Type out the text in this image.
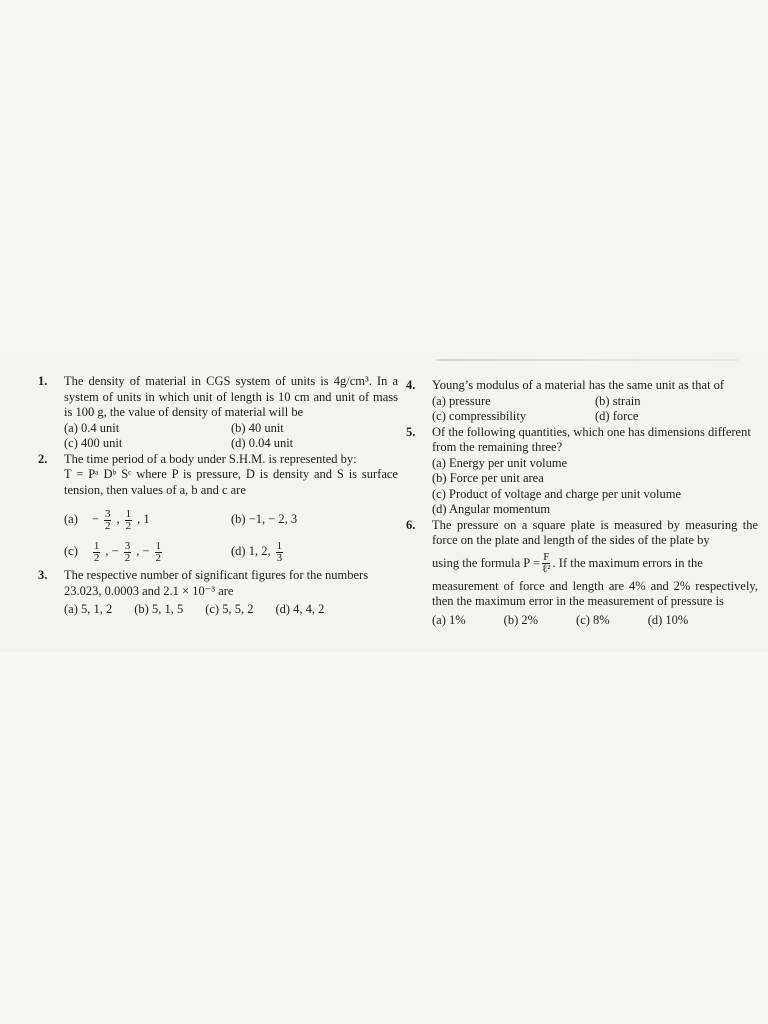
1. The density of material in CGS system of units is 4g/cm³. In a system of units in which unit of length is 10 cm and unit of mass is 100 g, the value of density of material will be
(a) 0.4 unit	(b) 40 unit
(c) 400 unit	(d) 0.04 unit
2. The time period of a body under S.H.M. is represented by:
T = Pᵃ Dᵇ Sᶜ where P is pressure, D is density and S is surface tension, then values of a, b and c are
$(a) - \frac{3}{2}$ , $\frac{1}{2}$ , 1	(b) −1, − 2, 3
$(c) \frac{1}{2}$ , − $\frac{3}{2}$ , − $\frac{1}{2}$	(d) 1, 2, $\frac{1}{3}$
3. The respective number of significant figures for the numbers 23.023, 0.0003 and 2.1 × 10⁻³ are
(a) 5, 1, 2 (b) 5, 1, 5 (c) 5, 5, 2 (d) 4, 4, 2
4. Young’s modulus of a material has the same unit as that of
(a) pressure	(b) strain
(c) compressibility	(d) force
5. Of the following quantities, which one has dimensions different from the remaining three?
(a) Energy per unit volume
(b) Force per unit area
(c) Product of voltage and charge per unit volume
(d) Angular momentum
6. The pressure on a square plate is measured by measuring the force on the plate and length of the sides of the plate by
using the formula $P = \frac{F}{\text{ℓ²}}$ . If the maximum errors in the
measurement of force and length are 4% and 2% respectively, then the maximum error in the measurement of pressure is
(a) 1%	(b) 2%	(c) 8%	(d) 10%
